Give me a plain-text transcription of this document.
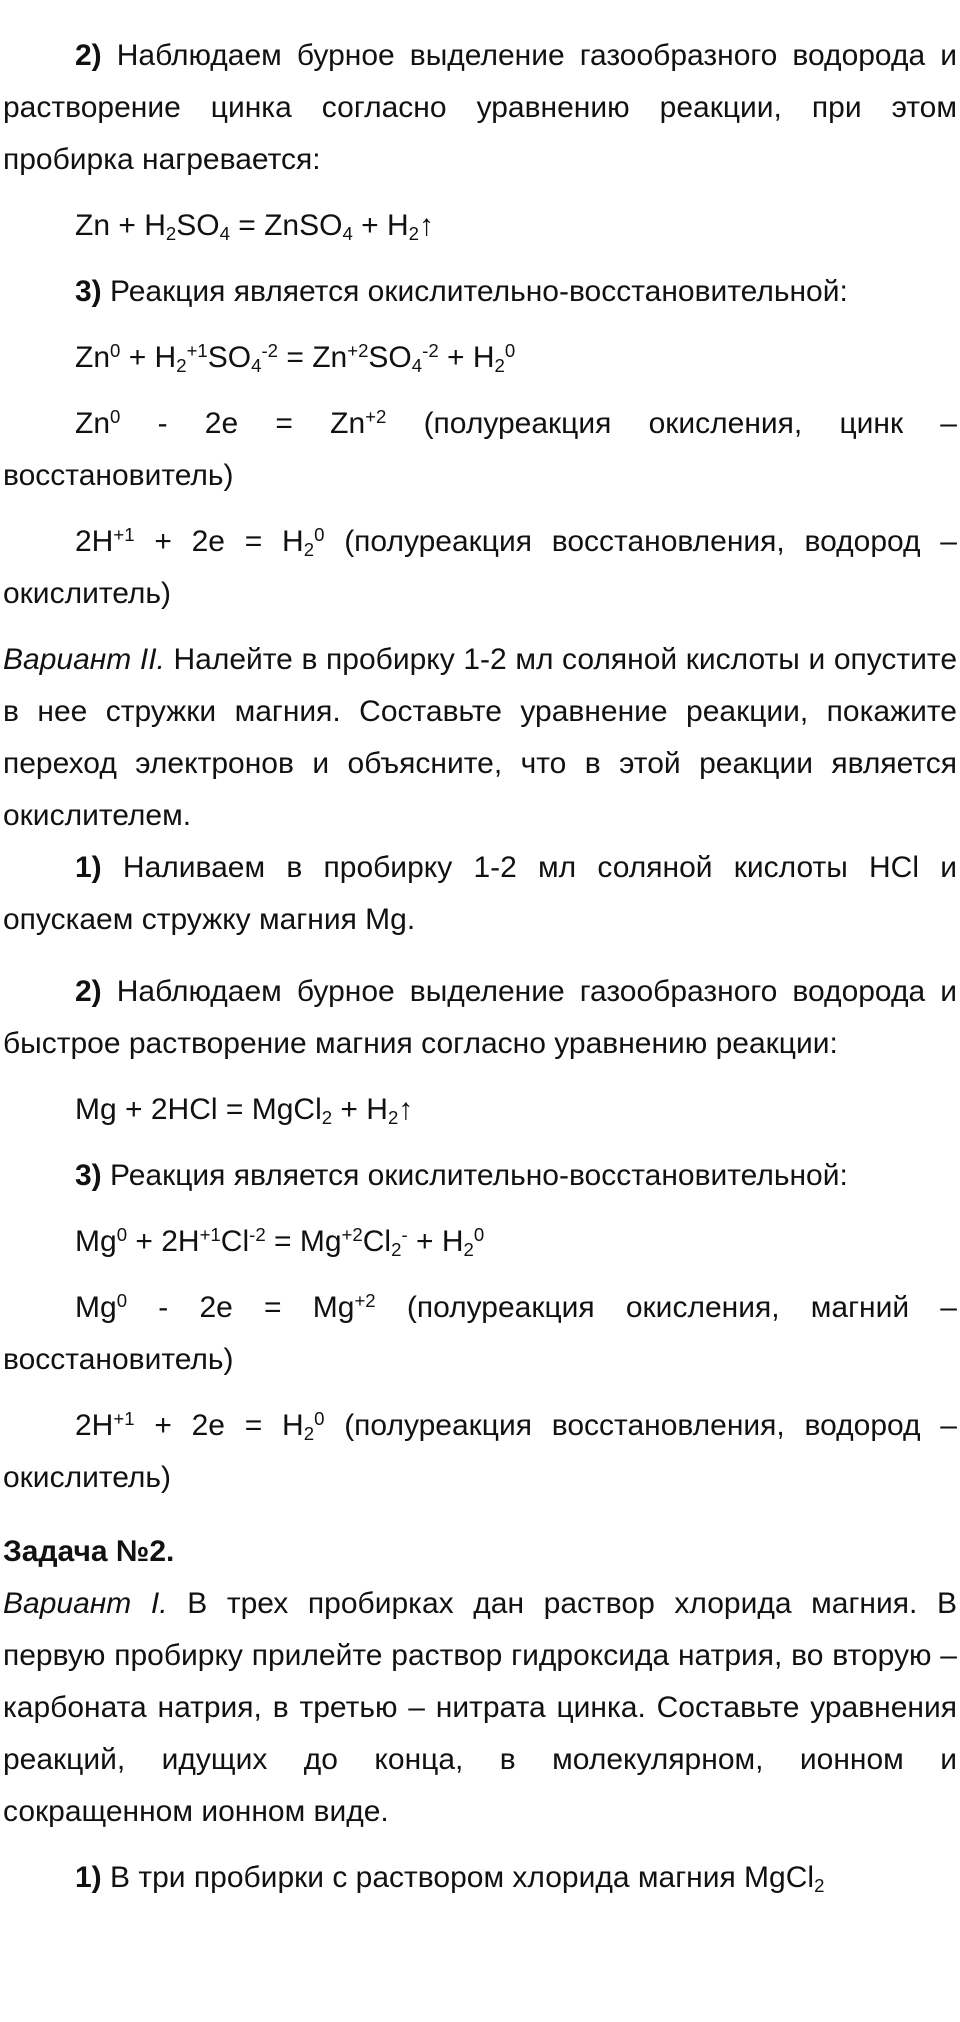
2) Наблюдаем бурное выделение газообразного водорода и растворение цинка согласно уравнению реакции, при этом пробирка нагревается:

$Zn + H_2SO_4$ = ZnSO$_4$ + $H_2↑$

3) Реакция является окислительно-восстановительной:

$Zn^0 + H_2^{+1}SO_4^{-2} = Zn^{+2}SO_4^{-2} + H_2^0$

$Zn^0 - 2e = Zn^{+2}$ (полуреакция окисления, цинк – восстановитель)

$2H^{+1} + 2e = H_2^0$ (полуреакция восстановления, водород – окислитель)

Вариант II. Налейте в пробирку 1-2 мл соляной кислоты и опустите в нее стружки магния. Составьте уравнение реакции, покажите переход электронов и объясните, что в этой реакции является окислителем.

1) Наливаем в пробирку 1-2 мл соляной кислоты HCl и опускаем стружку магния Mg.

2) Наблюдаем бурное выделение газообразного водорода и быстрое растворение магния согласно уравнению реакции:

Mg + 2HCl = MgCl$_2$ + $H_2↑$

3) Реакция является окислительно-восстановительной:

$Mg^0 + 2H^{+1}Cl^{-2} = Mg^{+2}Cl_2^- + H_2^0$

$Mg^0 - 2e = Mg^{+2}$ (полуреакция окисления, магний – восстановитель)

$2H^{+1} + 2e = H_2^0$ (полуреакция восстановления, водород – окислитель)

Задача №2.

Вариант I. В трех пробирках дан раствор хлорида магния. В первую пробирку прилейте раствор гидроксида натрия, во вторую – карбоната натрия, в третью – нитрата цинка. Составьте уравнения реакций, идущих до конца, в молекулярном, ионном и сокращенном ионном виде.

1) В три пробирки с раствором хлорида магния MgCl$_2$
